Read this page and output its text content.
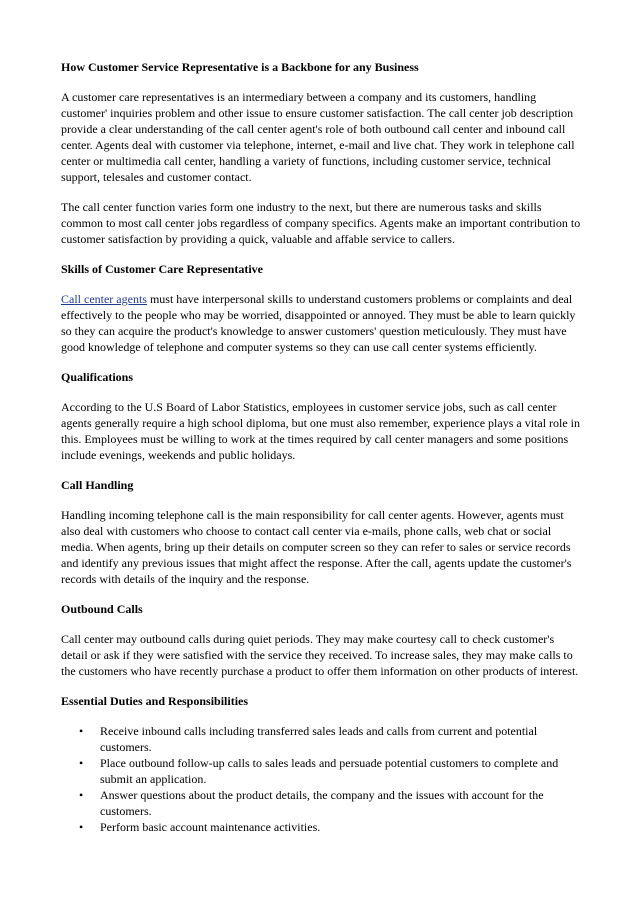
How Customer Service Representative is a Backbone for any Business

A customer care representatives is an intermediary between a company and its customers, handling customer' inquiries problem and other issue to ensure customer satisfaction. The call center job description provide a clear understanding of the call center agent's role of both outbound call center and inbound call center. Agents deal with customer via telephone, internet, e-mail and live chat. They work in telephone call center or multimedia call center, handling a variety of functions, including customer service, technical support, telesales and customer contact.

The call center function varies form one industry to the next, but there are numerous tasks and skills common to most call center jobs regardless of company specifics. Agents make an important contribution to customer satisfaction by providing a quick, valuable and affable service to callers.

Skills of Customer Care Representative

Call center agents must have interpersonal skills to understand customers problems or complaints and deal effectively to the people who may be worried, disappointed or annoyed. They must be able to learn quickly so they can acquire the product's knowledge to answer customers' question meticulously. They must have good knowledge of telephone and computer systems so they can use call center systems efficiently.

Qualifications

According to the U.S Board of Labor Statistics, employees in customer service jobs, such as call center agents generally require a high school diploma, but one must also remember, experience plays a vital role in this. Employees must be willing to work at the times required by call center managers and some positions include evenings, weekends and public holidays.

Call Handling

Handling incoming telephone call is the main responsibility for call center agents. However, agents must also deal with customers who choose to contact call center via e-mails, phone calls, web chat or social media. When agents, bring up their details on computer screen so they can refer to sales or service records and identify any previous issues that might affect the response. After the call, agents update the customer's records with details of the inquiry and the response.

Outbound Calls

Call center may outbound calls during quiet periods. They may make courtesy call to check customer's detail or ask if they were satisfied with the service they received. To increase sales, they may make calls to the customers who have recently purchase a product to offer them information on other products of interest.

Essential Duties and Responsibilities

•	Receive inbound calls including transferred sales leads and calls from current and potential customers.
•	Place outbound follow-up calls to sales leads and persuade potential customers to complete and submit an application.
•	Answer questions about the product details, the company and the issues with account for the customers.
•	Perform basic account maintenance activities.
